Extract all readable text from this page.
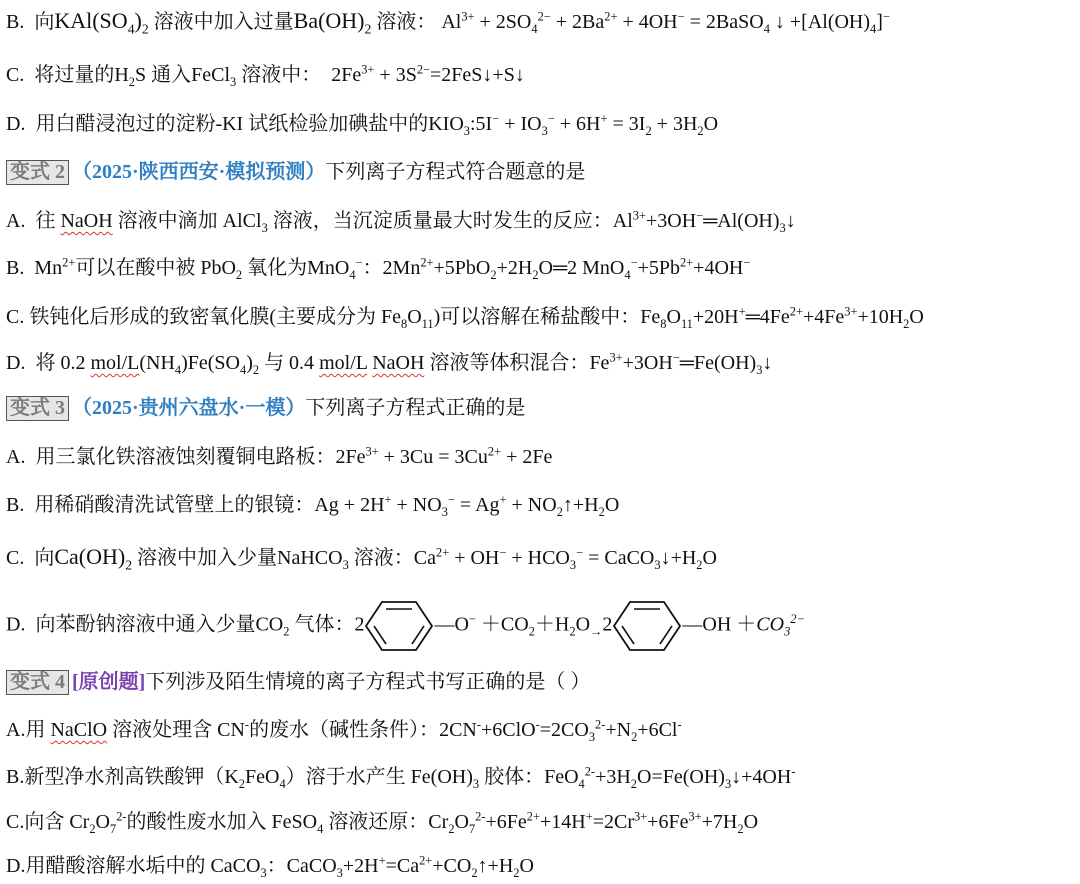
B. 向$KAl(SO_4)_2$ 溶液中加入过量$Ba(OH)_2$ 溶液： $Al^{3+} + 2SO_4^{2-} + 2Ba^{2+} + 4OH^-$ = 2BaSO$_4$ ↓ $+[Al(OH)_4]^-$
C. 将过量的$H_2S$ 通入FeCl$_3$ 溶液中： $2Fe^{3+}$ + $3S^{2-}=2FeS↓+S↓$
D. 用白醋浸泡过的淀粉-KI 试纸检验加碘盐中的$KIO_3:5I^- + IO_3^- + 6H^+ = 3I_2 + 3H_2O$
变式 2 （2025·陕西西安·模拟预测）下列离子方程式符合题意的是
A. 往 NaOH 溶液中滴加 AlCl$_3$ 溶液，当沉淀质量最大时发生的反应：$Al^{3+}+3OH^-═Al(OH)_3↓$
B. $Mn^{2+}$可以在酸中被 PbO$_2$ 氧化为MnO$_4$−：$2Mn^{2+}+5PbO_2+2H_2O═2$ $MnO_4^-+5Pb^{2+}+4OH^-$
C. 铁钝化后形成的致密氧化膜(主要成分为 $Fe_8O_{11}$)可以溶解在稀盐酸中：$Fe_8O_{11}+20H^+═4Fe^{2+}+4Fe^{3+}+10H_2O$
D. 将 0.2 mol/$L(NH_4)Fe(SO_4)_2$ 与 0.4 mol/L NaOH 溶液等体积混合：$Fe^{3+}+3OH^-═Fe(OH)_3↓$
变式 3 （2025·贵州六盘水·一模）下列离子方程式正确的是
A. 用三氯化铁溶液蚀刻覆铜电路板：$2Fe^{3+} + 3Cu = 3Cu^{2+} + 2Fe$
B. 用稀硝酸清洗试管壁上的银镜：$Ag + 2H^+ + NO_3^- = Ag^+$ + $NO_2↑+H_2O$
C. 向$Ca(OH)_2$ 溶液中加入少量NaHCO$_3$ 溶液：$Ca^{2+} + OH^- + HCO_3^-$ = $CaCO_3↓+H_2O$
D. 向苯酚钠溶液中通入少量$CO_2$ 气体：2	—O− $+CO_2+H_2O_\to 2$	—OH $+CO_3^{2-}$
变式 4 [原创题]下列涉及陌生情境的离子方程式书写正确的是（ ）
A.用 NaClO 溶液处理含 CN-的废水（碱性条件）：$2CN^-+6ClO^-=2CO_3^{2-}+N_2+6Cl^-$
B.新型净水剂高铁酸钾$(K_2FeO_4)$溶于水产生 $Fe(OH)_3$ 胶体：$FeO_4^{2-}+3H_2O=Fe(OH)_3↓+4OH^-$
C.向含 $Cr_2O_7^{2-}$的酸性废水加入 FeSO$_4$ 溶液还原：$Cr_2O_7^{2-}+6Fe^{2+}+14H^+=2Cr^{3+}+6Fe^{3+}+7H_2O$
D.用醋酸溶解水垢中的 CaCO$_3$：$CaCO_3+2H^+=Ca^{2+}+CO_2↑+H_2O$
